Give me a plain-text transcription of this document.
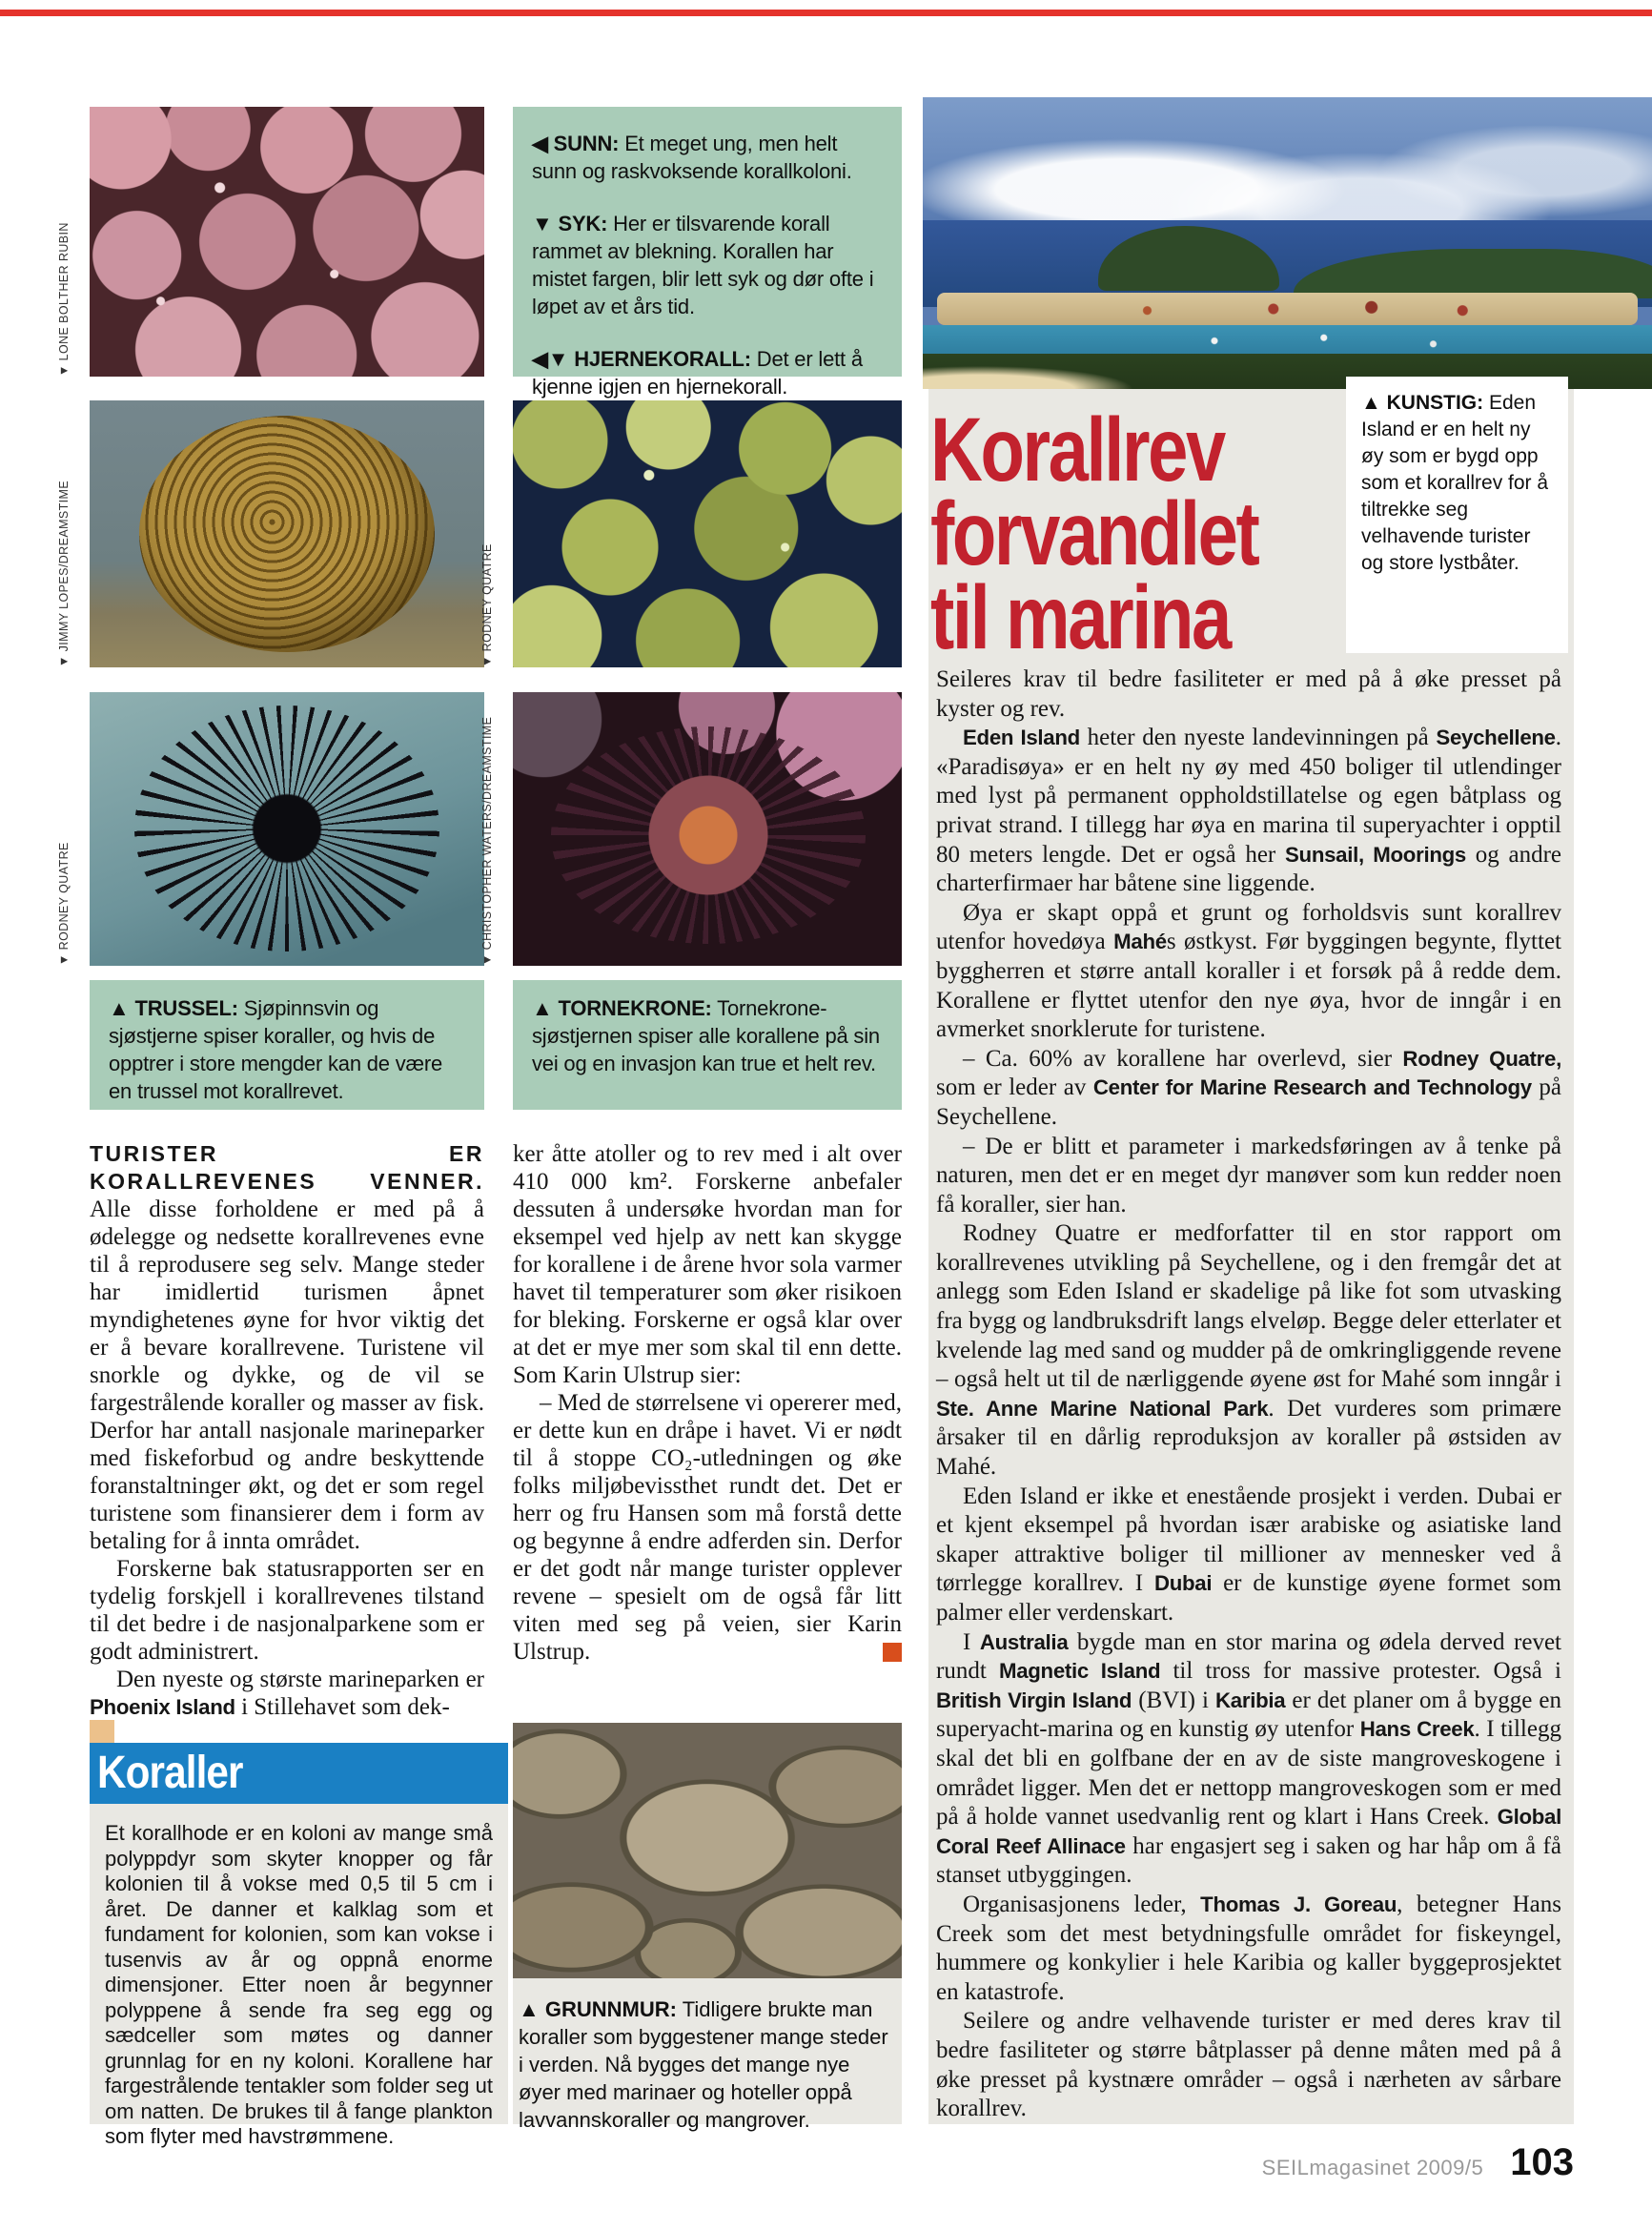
▼ LONE BOLTHER RUBIN
▼ JIMMY LOPES/DREAMSTIME
▼ RODNEY QUATRE
▼ RODNEY QUATRE
▼ CHRISTOPHER WATERS/DREAMSTIME

◀ SUNN: Et meget ung, men helt sunn og raskvoksende korallkoloni.

▼ SYK: Her er tilsvarende korall rammet av blekning. Korallen har mistet fargen, blir lett syk og dør ofte i løpet av et års tid.

◀▼ HJERNEKORALL: Det er lett å kjenne igjen en hjernekorall.

▲ TRUSSEL: Sjøpinnsvin og sjøstjerne spiser koraller, og hvis de opptrer i store mengder kan de være en trussel mot korallrevet.

▲ TORNEKRONE: Tornekrone-sjøstjernen spiser alle korallene på sin vei og en invasjon kan true et helt rev.

Korallrev
forvandlet
til marina
▲ KUNSTIG: Eden Island er en helt ny øy som er bygd opp som et korallrev for å tiltrekke seg velhavende turister og store lystbåter.

TURISTER ER KORALLREVENES VENNER. Alle disse forholdene er med på å ødelegge og nedsette korallrevenes evne til å reprodusere seg selv. Mange steder har imidlertid turismen åpnet myndighetenes øyne for hvor viktig det er å bevare korallrevene. Turistene vil snorkle og dykke, og de vil se fargestrålende koraller og masser av fisk. Derfor har antall nasjonale marineparker med fiskeforbud og andre beskyttende foranstaltninger økt, og det er som regel turistene som finansierer dem i form av betaling for å innta området.

Forskerne bak statusrapporten ser en tydelig forskjell i korallrevenes tilstand til det bedre i de nasjonalparkene som er godt administrert.

Den nyeste og største marineparken er Phoenix Island i Stillehavet som dek-

ker åtte atoller og to rev med i alt over 410 000 km². Forskerne anbefaler dessuten å undersøke hvordan man for eksempel ved hjelp av nett kan skygge for korallene i de årene hvor sola varmer havet til temperaturer som øker risikoen for bleking. Forskerne er også klar over at det er mye mer som skal til enn dette. Som Karin Ulstrup sier:

– Med de størrelsene vi opererer med, er dette kun en dråpe i havet. Vi er nødt til å stoppe CO₂-utledningen og øke folks miljøbevissthet rundt det. Det er herr og fru Hansen som må forstå dette og begynne å endre adferden sin. Derfor er det godt når mange turister opplever revene – spesielt om de også får litt viten med seg på veien, sier Karin Ulstrup.

Seileres krav til bedre fasiliteter er med på å øke presset på kyster og rev.

Eden Island heter den nyeste landevinningen på Seychellene. «Paradisøya» er en helt ny øy med 450 boliger til utlendinger med lyst på permanent oppholdstillatelse og egen båtplass og privat strand. I tillegg har øya en marina til superyachter i opptil 80 meters lengde. Det er også her Sunsail, Moorings og andre charterfirmaer har båtene sine liggende.

Øya er skapt oppå et grunt og forholdsvis sunt korallrev utenfor hovedøya Mahés østkyst. Før byggingen begynte, flyttet byggherren et større antall koraller i et forsøk på å redde dem. Korallene er flyttet utenfor den nye øya, hvor de inngår i en avmerket snorklerute for turistene.

– Ca. 60% av korallene har overlevd, sier Rodney Quatre, som er leder av Center for Marine Research and Technology på Seychellene.

– De er blitt et parameter i markedsføringen av å tenke på naturen, men det er en meget dyr manøver som kun redder noen få koraller, sier han.

Rodney Quatre er medforfatter til en stor rapport om korallrevenes utvikling på Seychellene, og i den fremgår det at anlegg som Eden Island er skadelige på like fot som utvasking fra bygg og landbruksdrift langs elveløp. Begge deler etterlater et kvelende lag med sand og mudder på de omkringliggende revene – også helt ut til de nærliggende øyene øst for Mahé som inngår i Ste. Anne Marine National Park. Det vurderes som primære årsaker til en dårlig reproduksjon av koraller på østsiden av Mahé.

Eden Island er ikke et enestående prosjekt i verden. Dubai er et kjent eksempel på hvordan især arabiske og asiatiske land skaper attraktive boliger til millioner av mennesker ved å tørrlegge korallrev. I Dubai er de kunstige øyene formet som palmer eller verdenskart.

I Australia bygde man en stor marina og ødela derved revet rundt Magnetic Island til tross for massive protester. Også i British Virgin Island (BVI) i Karibia er det planer om å bygge en superyacht-marina og en kunstig øy utenfor Hans Creek. I tillegg skal det bli en golfbane der en av de siste mangroveskogene i området ligger. Men det er nettopp mangroveskogen som er med på å holde vannet usedvanlig rent og klart i Hans Creek. Global Coral Reef Allinace har engasjert seg i saken og har håp om å få stanset utbyggingen.

Organisasjonens leder, Thomas J. Goreau, betegner Hans Creek som det mest betydningsfulle området for fiskeyngel, hummere og konkylier i hele Karibia og kaller byggeprosjektet en katastrofe.

Seilere og andre velhavende turister er med deres krav til bedre fasiliteter og større båtplasser på denne måten med på å øke presset på kystnære områder – også i nærheten av sårbare korallrev.

Koraller
Et korallhode er en koloni av mange små polyppdyr som skyter knopper og får kolonien til å vokse med 0,5 til 5 cm i året. De danner et kalklag som et fundament for kolonien, som kan vokse i tusenvis av år og oppnå enorme dimensjoner. Etter noen år begynner polyppene å sende fra seg egg og sædceller som møtes og danner grunnlag for en ny koloni. Korallene har fargestrålende tentakler som folder seg ut om natten. De brukes til å fange plankton som flyter med havstrømmene.
▲ GRUNNMUR: Tidligere brukte man koraller som byggestener mange steder i verden. Nå bygges det mange nye øyer med marinaer og hoteller oppå lavvannskoraller og mangrover.
SEILmagasinet 2009/5 103
